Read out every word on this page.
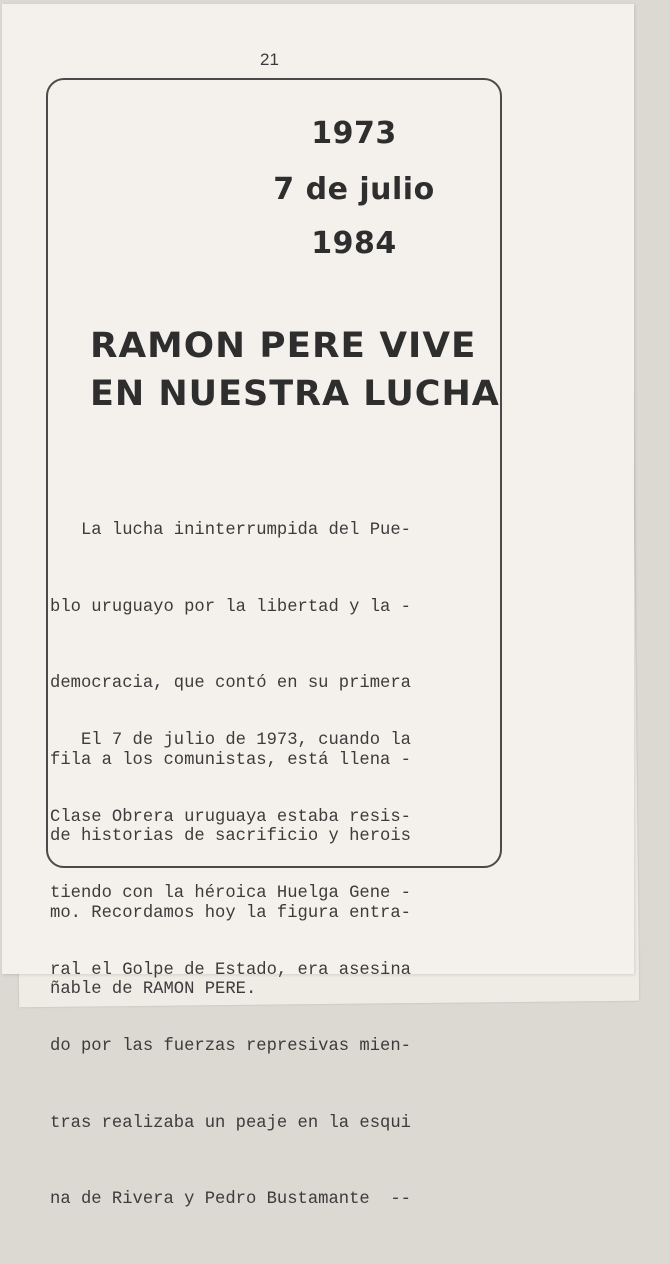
21
1973
7 de julio
1984
RAMON PERE VIVE
EN NUESTRA LUCHA

La lucha ininterrumpida del Pue-

blo uruguayo por la libertad y la -

democracia, que contó en su primera

fila a los comunistas, está llena -

de historias de sacrificio y herois

mo. Recordamos hoy la figura entra-

ñable de RAMON PERE.

El 7 de julio de 1973, cuando la

Clase Obrera uruguaya estaba resis-

tiendo con la héroica Huelga Gene -

ral el Golpe de Estado, era asesina

do por las fuerzas represivas mien-

tras realizaba un peaje en la esqui

na de Rivera y Pedro Bustamante  --
